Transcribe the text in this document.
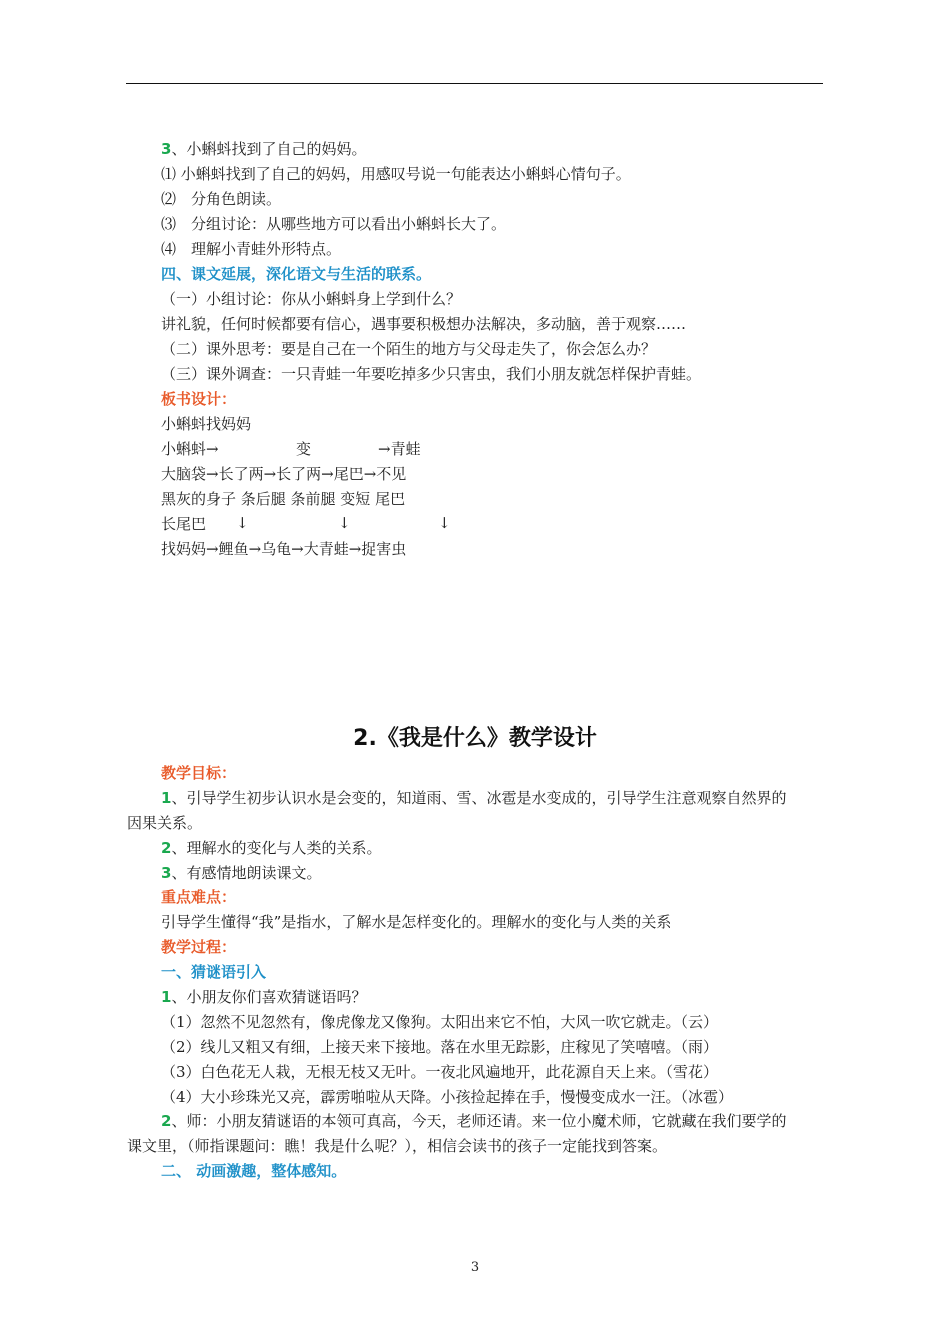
3、小蝌蚪找到了自己的妈妈。
⑴ 小蝌蚪找到了自己的妈妈，用感叹号说一句能表达小蝌蚪心情句子。
⑵　分角色朗读。
⑶　分组讨论：从哪些地方可以看出小蝌蚪长大了。
⑷　理解小青蛙外形特点。
四、课文延展，深化语文与生活的联系。
（一）小组讨论：你从小蝌蚪身上学到什么？
讲礼貌，任何时候都要有信心，遇事要积极想办法解决，多动脑，善于观察……
（二）课外思考：要是自己在一个陌生的地方与父母走失了，你会怎么办？
（三）课外调查：一只青蛙一年要吃掉多少只害虫，我们小朋友就怎样保护青蛙。
板书设计：
小蝌蚪找妈妈
小蝌蚪→	变	→青蛙
大脑袋→长了两→长了两→尾巴→不见
黑灰的身子 条后腿 条前腿 变短 尾巴
长尾巴 ↓	↓	↓
找妈妈→鲤鱼→乌龟→大青蛙→捉害虫
2.《我是什么》教学设计
教学目标：
1、引导学生初步认识水是会变的，知道雨、雪、冰雹是水变成的，引导学生注意观察自然界的
因果关系。
2、理解水的变化与人类的关系。
3、有感情地朗读课文。
重点难点：
引导学生懂得“我”是指水，了解水是怎样变化的。理解水的变化与人类的关系
教学过程：
一、猜谜语引入
1、小朋友你们喜欢猜谜语吗？
（1）忽然不见忽然有，像虎像龙又像狗。太阳出来它不怕，大风一吹它就走。（云）
（2）线儿又粗又有细，上接天来下接地。落在水里无踪影，庄稼见了笑嘻嘻。（雨）
（3）白色花无人栽，无根无枝又无叶。一夜北风遍地开，此花源自天上来。（雪花）
（4）大小珍珠光又亮，霹雳啪啦从天降。小孩捡起捧在手，慢慢变成水一汪。（冰雹）
2、师：小朋友猜谜语的本领可真高，今天，老师还请。来一位小魔术师，它就藏在我们要学的
课文里，（师指课题问：瞧！我是什么呢？），相信会读书的孩子一定能找到答案。
二、 动画激趣，整体感知。
3
